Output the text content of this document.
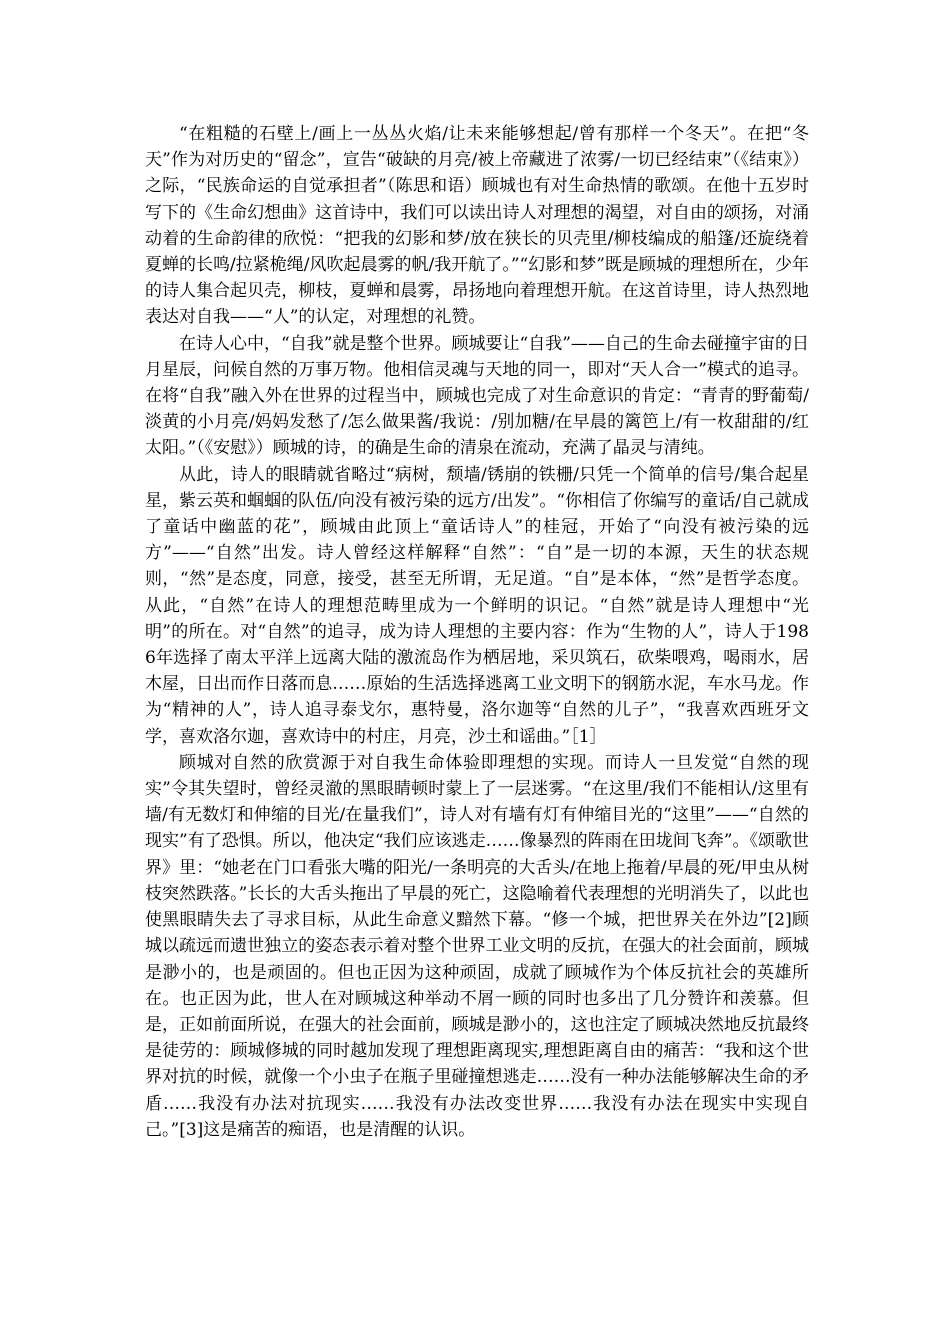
“在粗糙的石壁上/画上一丛丛火焰/让未来能够想起/曾有那样一个冬天”。在把“冬天”作为对历史的“留念”，宣告“破缺的月亮/被上帝藏进了浓雾/一切已经结束”（《结束》）之际，“民族命运的自觉承担者”（陈思和语）顾城也有对生命热情的歌颂。在他十五岁时写下的《生命幻想曲》这首诗中，我们可以读出诗人对理想的渴望，对自由的颂扬，对涌动着的生命韵律的欣悦：“把我的幻影和梦/放在狭长的贝壳里/柳枝编成的船篷/还旋绕着夏蝉的长鸣/拉紧桅绳/风吹起晨雾的帆/我开航了。”“幻影和梦”既是顾城的理想所在，少年的诗人集合起贝壳，柳枝，夏蝉和晨雾，昂扬地向着理想开航。在这首诗里，诗人热烈地表达对自我——“人”的认定，对理想的礼赞。

在诗人心中，“自我”就是整个世界。顾城要让“自我”——自己的生命去碰撞宇宙的日月星辰，问候自然的万事万物。他相信灵魂与天地的同一，即对“天人合一”模式的追寻。在将“自我”融入外在世界的过程当中，顾城也完成了对生命意识的肯定：“青青的野葡萄/淡黄的小月亮/妈妈发愁了/怎么做果酱/我说：/别加糖/在早晨的篱笆上/有一枚甜甜的/红太阳。”（《安慰》）顾城的诗，的确是生命的清泉在流动，充满了晶灵与清纯。

从此，诗人的眼睛就省略过“病树，颓墙/锈崩的铁栅/只凭一个简单的信号/集合起星星，紫云英和蝈蝈的队伍/向没有被污染的远方/出发”。“你相信了你编写的童话/自己就成了童话中幽蓝的花”，顾城由此顶上“童话诗人”的桂冠，开始了“向没有被污染的远方”——“自然”出发。诗人曾经这样解释“自然”：“自”是一切的本源，天生的状态规则，“然”是态度，同意，接受，甚至无所谓，无足道。“自”是本体，“然”是哲学态度。从此，“自然”在诗人的理想范畴里成为一个鲜明的识记。“自然”就是诗人理想中“光明”的所在。对“自然”的追寻，成为诗人理想的主要内容：作为“生物的人”，诗人于1986年选择了南太平洋上远离大陆的激流岛作为栖居地，采贝筑石，砍柴喂鸡，喝雨水，居木屋，日出而作日落而息……原始的生活选择逃离工业文明下的钢筋水泥，车水马龙。作为“精神的人”，诗人追寻泰戈尔，惠特曼，洛尔迦等“自然的儿子”，“我喜欢西班牙文学，喜欢洛尔迦，喜欢诗中的村庄，月亮，沙土和谣曲。”［1］

顾城对自然的欣赏源于对自我生命体验即理想的实现。而诗人一旦发觉“自然的现实”令其失望时，曾经灵澈的黑眼睛顿时蒙上了一层迷雾。“在这里/我们不能相认/这里有墙/有无数灯和伸缩的目光/在量我们”，诗人对有墙有灯有伸缩目光的“这里”——“自然的现实”有了恐惧。所以，他决定“我们应该逃走……像暴烈的阵雨在田垅间飞奔”。《颂歌世界》里：“她老在门口看张大嘴的阳光/一条明亮的大舌头/在地上拖着/早晨的死/甲虫从树枝突然跌落。”长长的大舌头拖出了早晨的死亡，这隐喻着代表理想的光明消失了，以此也使黑眼睛失去了寻求目标，从此生命意义黯然下幕。“修一个城，把世界关在外边”[2]顾城以疏远而遗世独立的姿态表示着对整个世界工业文明的反抗，在强大的社会面前，顾城是渺小的，也是顽固的。但也正因为这种顽固，成就了顾城作为个体反抗社会的英雄所在。也正因为此，世人在对顾城这种举动不屑一顾的同时也多出了几分赞许和羡慕。但是，正如前面所说，在强大的社会面前，顾城是渺小的，这也注定了顾城决然地反抗最终是徒劳的：顾城修城的同时越加发现了理想距离现实,理想距离自由的痛苦：“我和这个世界对抗的时候，就像一个小虫子在瓶子里碰撞想逃走……没有一种办法能够解决生命的矛盾……我没有办法对抗现实……我没有办法改变世界……我没有办法在现实中实现自己。”[3]这是痛苦的痴语，也是清醒的认识。
